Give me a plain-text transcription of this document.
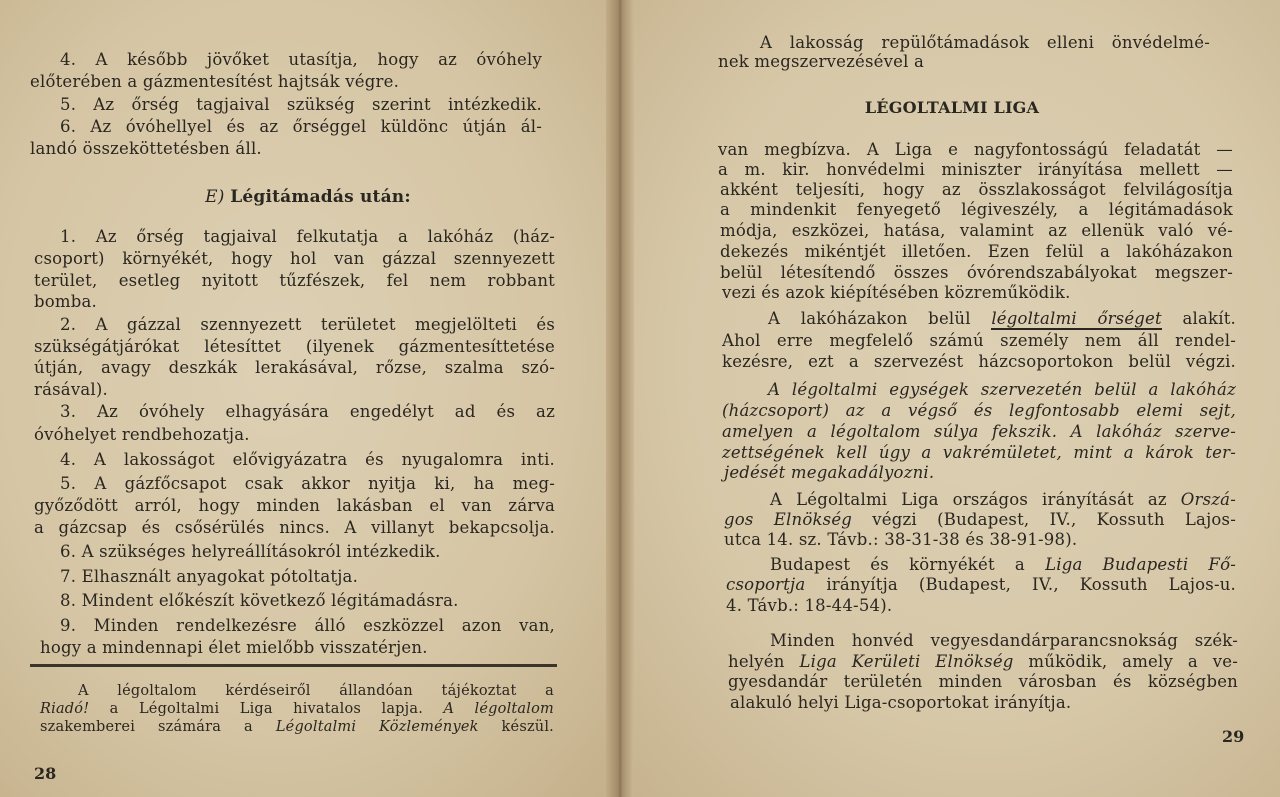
28
29
4. A később jövőket utasítja, hogy az óvóhely
előterében a gázmentesítést hajtsák végre.
5. Az őrség tagjaival szükség szerint intézkedik.
6. Az óvóhellyel és az őrséggel küldönc útján ál-
landó összeköttetésben áll.
E) Légitámadás után:
1. Az őrség tagjaival felkutatja a lakóház (ház-
csoport) környékét, hogy hol van gázzal szennyezett
terület, esetleg nyitott tűzfészek, fel nem robbant
bomba.
2. A gázzal szennyezett területet megjelölteti és
szükségátjárókat létesíttet (ilyenek gázmentesíttetése
útján, avagy deszkák lerakásával, rőzse, szalma szó-
rásával).
3. Az óvóhely elhagyására engedélyt ad és az
óvóhelyet rendbehozatja.
4. A lakosságot elővigyázatra és nyugalomra inti.
5. A gázfőcsapot csak akkor nyitja ki, ha meg-
győződött arról, hogy minden lakásban el van zárva
a gázcsap és csősérülés nincs. A villanyt bekapcsolja.
6. A szükséges helyreállításokról intézkedik.
7. Elhasznált anyagokat pótoltatja.
8. Mindent előkészít következő légitámadásra.
9. Minden rendelkezésre álló eszközzel azon van,
hogy a mindennapi élet mielőbb visszatérjen.
A légoltalom kérdéseiről állandóan tájékoztat a
Riadó! a Légoltalmi Liga hivatalos lapja. A légoltalom
szakemberei számára a Légoltalmi Közlemények készül.
A lakosság repülőtámadások elleni önvédelmé-
nek megszervezésével a
LÉGOLTALMI LIGA
van megbízva. A Liga e nagyfontosságú feladatát —
a m. kir. honvédelmi miniszter irányítása mellett —
akként teljesíti, hogy az összlakosságot felvilágosítja
a mindenkit fenyegető légiveszély, a légitámadások
módja, eszközei, hatása, valamint az ellenük való vé-
dekezés mikéntjét illetően. Ezen felül a lakóházakon
belül létesítendő összes óvórendszabályokat megszer-
vezi és azok kiépítésében közreműködik.
A lakóházakon belül légoltalmi őrséget alakít.
Ahol erre megfelelő számú személy nem áll rendel-
kezésre, ezt a szervezést házcsoportokon belül végzi.
A légoltalmi egységek szervezetén belül a lakóház
(házcsoport) az a végső és legfontosabb elemi sejt,
amelyen a légoltalom súlya fekszik. A lakóház szerve-
zettségének kell úgy a vakrémületet, mint a károk ter-
jedését megakadályozni.
A Légoltalmi Liga országos irányítását az Orszá-
gos Elnökség végzi (Budapest, IV., Kossuth Lajos-
utca 14. sz. Távb.: 38-31-38 és 38-91-98).
Budapest és környékét a Liga Budapesti Fő-
csoportja irányítja (Budapest, IV., Kossuth Lajos-u.
4. Távb.: 18-44-54).
Minden honvéd vegyesdandárparancsnokság szék-
helyén Liga Kerületi Elnökség működik, amely a ve-
gyesdandár területén minden városban és községben
alakuló helyi Liga-csoportokat irányítja.
